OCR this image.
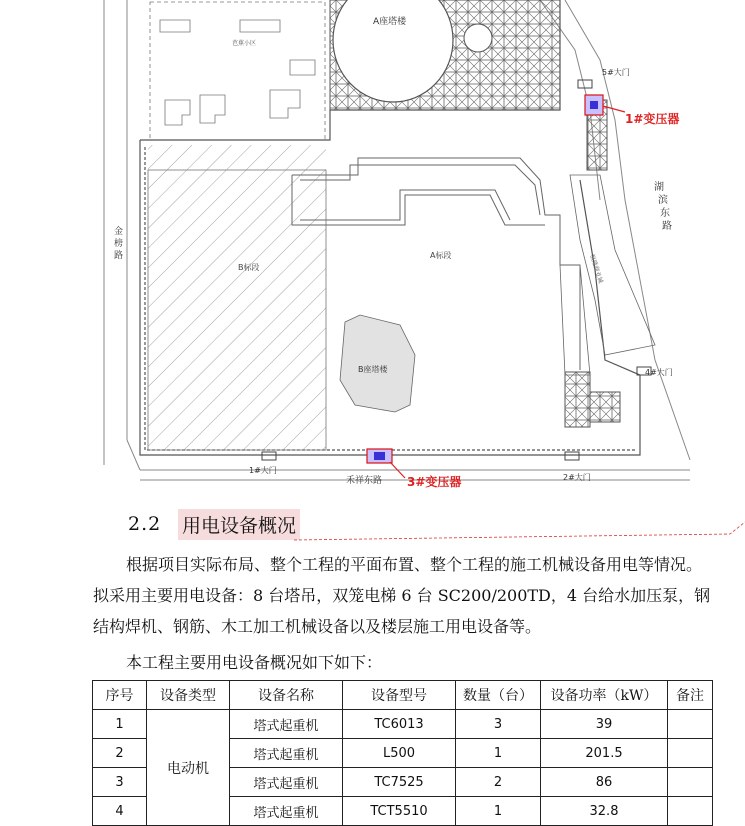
芭蕉小区
A座塔楼
B标段
A标段
B座塔楼
恒隆商业城
金
榜
路
湖
滨
东
路
禾祥东路
1#大门
2#大门
4#大门
5#大门
1#变压器
3#变压器
2.2	用电设备概况
根据项目实际布局、整个工程的平面布置、整个工程的施工机械设备用电等情况。拟采用主要用电设备：8 台塔吊，双笼电梯 6 台 SC200/200TD，4 台给水加压泵，钢结构焊机、钢筋、木工加工机械设备以及楼层施工用电设备等。
本工程主要用电设备概况如下如下：
序号	设备类型	设备名称	设备型号	数量（台）	设备功率（kW）	备注
1	电动机	塔式起重机	TC6013	3	39	
2		塔式起重机	L500	1	201.5	
3		塔式起重机	TC7525	2	86	
4		塔式起重机	TCT5510	1	32.8	
